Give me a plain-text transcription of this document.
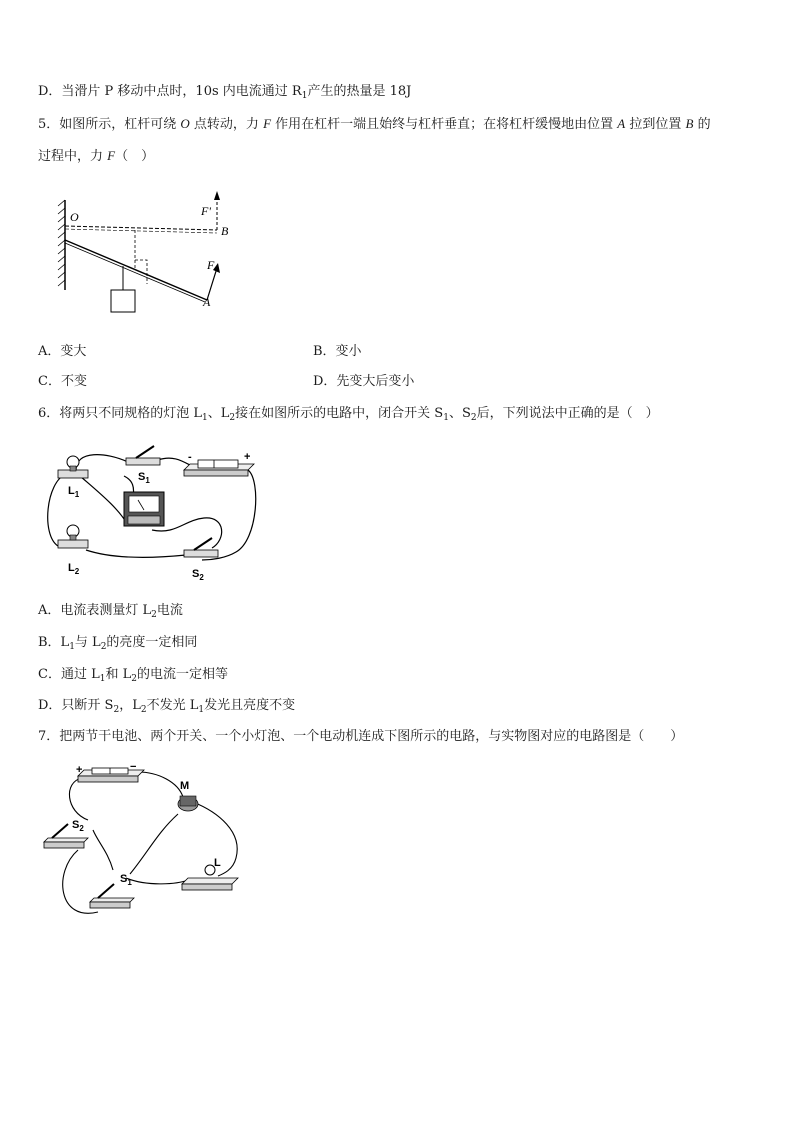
D．当滑片 P 移动中点时，10s 内电流通过 $R_1$产生的热量是 18J
5．如图所示，杠杆可绕 O 点转动，力 F 作用在杠杆一端且始终与杠杆垂直；在将杠杆缓慢地由位置 A 拉到位置 B 的
过程中，力 F（　）
O
B
A
F'
F
A．变大	B．变小
C．不变	D．先变大后变小
6．将两只不同规格的灯泡 $L_1$、$L_2$接在如图所示的电路中，闭合开关 $S_1$、$S_2$后，下列说法中正确的是（　）
-	+
$L_1$
$L_2$
$S_1$
$S_2$
A．电流表测量灯 $L_2$电流
B．$L_1$与 $L_2$的亮度一定相同
C．通过 $L_1$和 $L_2$的电流一定相等
D．只断开 $S_2$，$L_2$不发光 $L_1$发光且亮度不变
7．把两节干电池、两个开关、一个小灯泡、一个电动机连成下图所示的电路，与实物图对应的电路图是（　　）
+	−
M
L
$S_2$
$S_1$
